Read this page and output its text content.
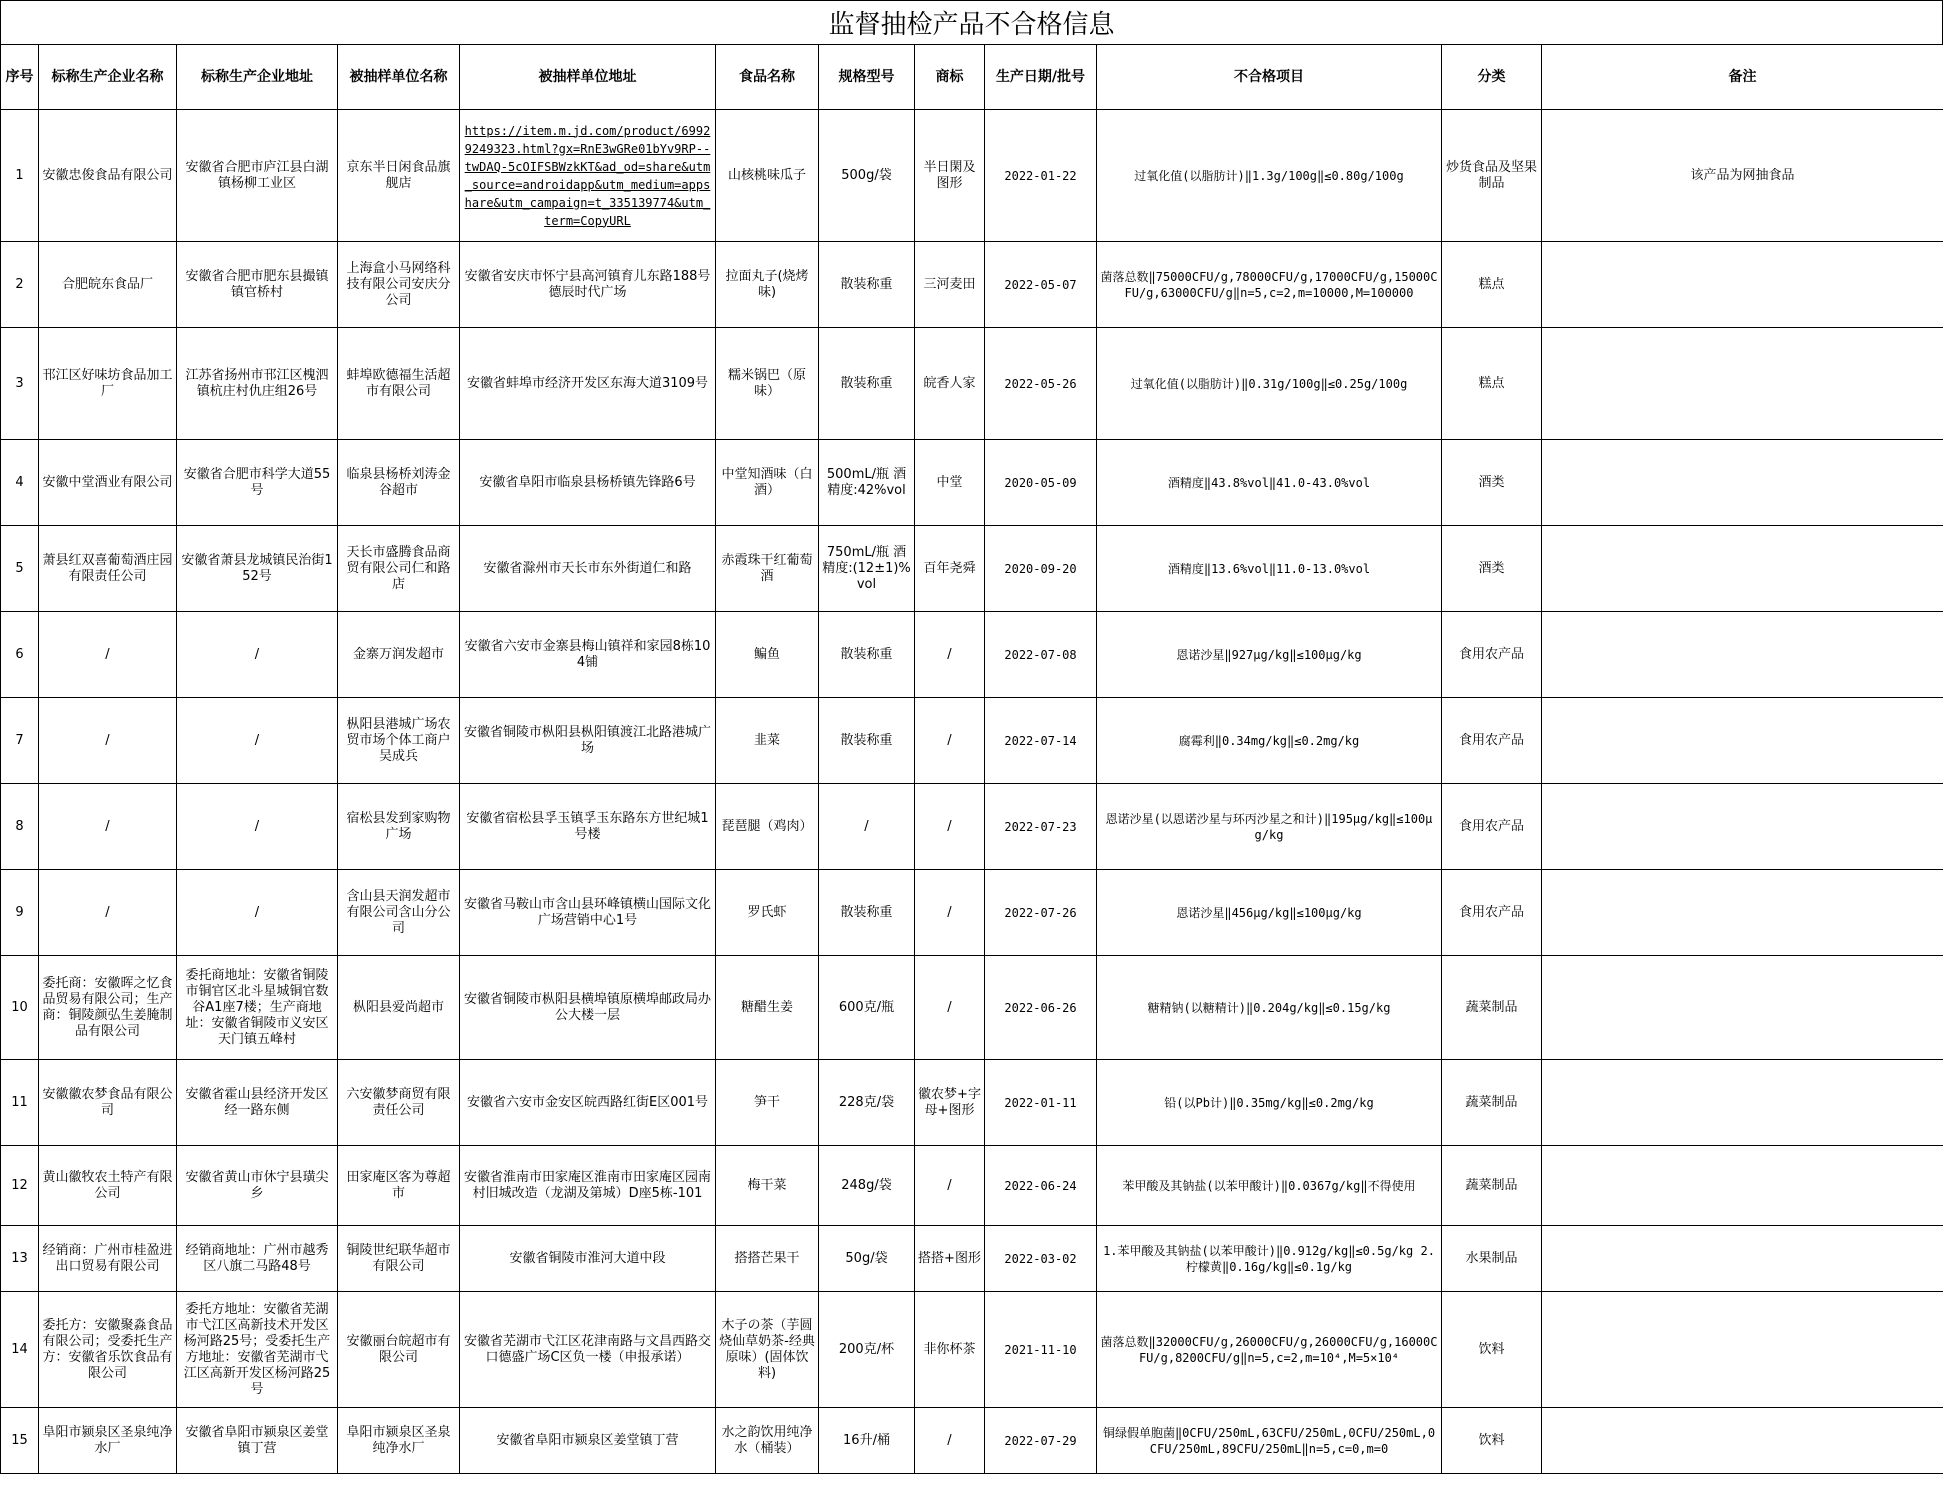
监督抽检产品不合格信息
序号	标称生产企业名称	标称生产企业地址	被抽样单位名称	被抽样单位地址	食品名称	规格型号	商标	生产日期/批号	不合格项目	分类	备注
1	安徽忠俊食品有限公司	安徽省合肥市庐江县白湖镇杨柳工业区	京东半日闲食品旗舰店	https://item.m.jd.com/product/69929249323.html?gx=RnE3wGRe01bYv9RP--twDAQ-5cOIFSBWzkKT&ad_od=share&utm_source=androidapp&utm_medium=appshare&utm_campaign=t_335139774&utm_term=CopyURL	山核桃味瓜子	500g/袋	半日閑及图形	2022-01-22	过氧化值(以脂肪计)‖1.3g/100g‖≤0.80g/100g	炒货食品及坚果制品	该产品为网抽食品
2	合肥皖东食品厂	安徽省合肥市肥东县撮镇镇官桥村	上海盒小马网络科技有限公司安庆分公司	安徽省安庆市怀宁县高河镇育儿东路188号德辰时代广场	拉面丸子(烧烤味)	散装称重	三河麦田	2022-05-07	菌落总数‖75000CFU/g,78000CFU/g,17000CFU/g,15000CFU/g,63000CFU/g‖n=5,c=2,m=10000,M=100000	糕点	
3	邗江区好味坊食品加工厂	江苏省扬州市邗江区槐泗镇杭庄村仇庄组26号	蚌埠欧德福生活超市有限公司	安徽省蚌埠市经济开发区东海大道3109号	糯米锅巴（原味）	散装称重	皖香人家	2022-05-26	过氧化值(以脂肪计)‖0.31g/100g‖≤0.25g/100g	糕点	
4	安徽中堂酒业有限公司	安徽省合肥市科学大道55号	临泉县杨桥刘涛金谷超市	安徽省阜阳市临泉县杨桥镇先锋路6号	中堂知酒味（白酒）	500mL/瓶 酒精度:42%vol	中堂	2020-05-09	酒精度‖43.8%vol‖41.0-43.0%vol	酒类	
5	萧县红双喜葡萄酒庄园有限责任公司	安徽省萧县龙城镇民治街152号	天长市盛腾食品商贸有限公司仁和路店	安徽省滁州市天长市东外街道仁和路	赤霞珠干红葡萄酒	750mL/瓶 酒精度:(12±1)%vol	百年尧舜	2020-09-20	酒精度‖13.6%vol‖11.0-13.0%vol	酒类	
6	/	/	金寨万润发超市	安徽省六安市金寨县梅山镇祥和家园8栋104铺	鳊鱼	散装称重	/	2022-07-08	恩诺沙星‖927μg/kg‖≤100μg/kg	食用农产品	
7	/	/	枞阳县港城广场农贸市场个体工商户吴成兵	安徽省铜陵市枞阳县枞阳镇渡江北路港城广场	韭菜	散装称重	/	2022-07-14	腐霉利‖0.34mg/kg‖≤0.2mg/kg	食用农产品	
8	/	/	宿松县发到家购物广场	安徽省宿松县孚玉镇孚玉东路东方世纪城1号楼	琵琶腿（鸡肉）	/	/	2022-07-23	恩诺沙星(以恩诺沙星与环丙沙星之和计)‖195μg/kg‖≤100μg/kg	食用农产品	
9	/	/	含山县天润发超市有限公司含山分公司	安徽省马鞍山市含山县环峰镇横山国际文化广场营销中心1号	罗氏虾	散装称重	/	2022-07-26	恩诺沙星‖456μg/kg‖≤100μg/kg	食用农产品	
10	委托商：安徽晖之忆食品贸易有限公司；生产商：铜陵颜弘生姜腌制品有限公司	委托商地址：安徽省铜陵市铜官区北斗星城铜官数谷A1座7楼；生产商地址：安徽省铜陵市义安区天门镇五峰村	枞阳县爱尚超市	安徽省铜陵市枞阳县横埠镇原横埠邮政局办公大楼一层	糖醋生姜	600克/瓶	/	2022-06-26	糖精钠(以糖精计)‖0.204g/kg‖≤0.15g/kg	蔬菜制品	
11	安徽徽农梦食品有限公司	安徽省霍山县经济开发区经一路东侧	六安徽梦商贸有限责任公司	安徽省六安市金安区皖西路红街E区001号	笋干	228克/袋	徽农梦+字母+图形	2022-01-11	铅(以Pb计)‖0.35mg/kg‖≤0.2mg/kg	蔬菜制品	
12	黄山徽牧农土特产有限公司	安徽省黄山市休宁县璜尖乡	田家庵区客为尊超市	安徽省淮南市田家庵区淮南市田家庵区园南村旧城改造（龙湖及第城）D座5栋-101	梅干菜	248g/袋	/	2022-06-24	苯甲酸及其钠盐(以苯甲酸计)‖0.0367g/kg‖不得使用	蔬菜制品	
13	经销商：广州市桂盈进出口贸易有限公司	经销商地址：广州市越秀区八旗二马路48号	铜陵世纪联华超市有限公司	安徽省铜陵市淮河大道中段	搭搭芒果干	50g/袋	搭搭+图形	2022-03-02	1.苯甲酸及其钠盐(以苯甲酸计)‖0.912g/kg‖≤0.5g/kg 2.柠檬黄‖0.16g/kg‖≤0.1g/kg	水果制品	
14	委托方：安徽聚淼食品有限公司；受委托生产方：安徽省乐饮食品有限公司	委托方地址：安徽省芜湖市弋江区高新技术开发区杨河路25号；受委托生产方地址：安徽省芜湖市弋江区高新开发区杨河路25号	安徽丽台皖超市有限公司	安徽省芜湖市弋江区花津南路与文昌西路交口德盛广场C区负一楼（申报承诺）	木子の茶（芋圆烧仙草奶茶-经典原味）(固体饮料)	200克/杯	非你杯茶	2021-11-10	菌落总数‖32000CFU/g,26000CFU/g,26000CFU/g,16000CFU/g,8200CFU/g‖n=5,c=2,m=10⁴,M=5×10⁴	饮料	
15	阜阳市颍泉区圣泉纯净水厂	安徽省阜阳市颍泉区姜堂镇丁营	阜阳市颍泉区圣泉纯净水厂	安徽省阜阳市颍泉区姜堂镇丁营	水之韵饮用纯净水（桶装）	16升/桶	/	2022-07-29	铜绿假单胞菌‖0CFU/250mL,63CFU/250mL,0CFU/250mL,0CFU/250mL,89CFU/250mL‖n=5,c=0,m=0	饮料	
